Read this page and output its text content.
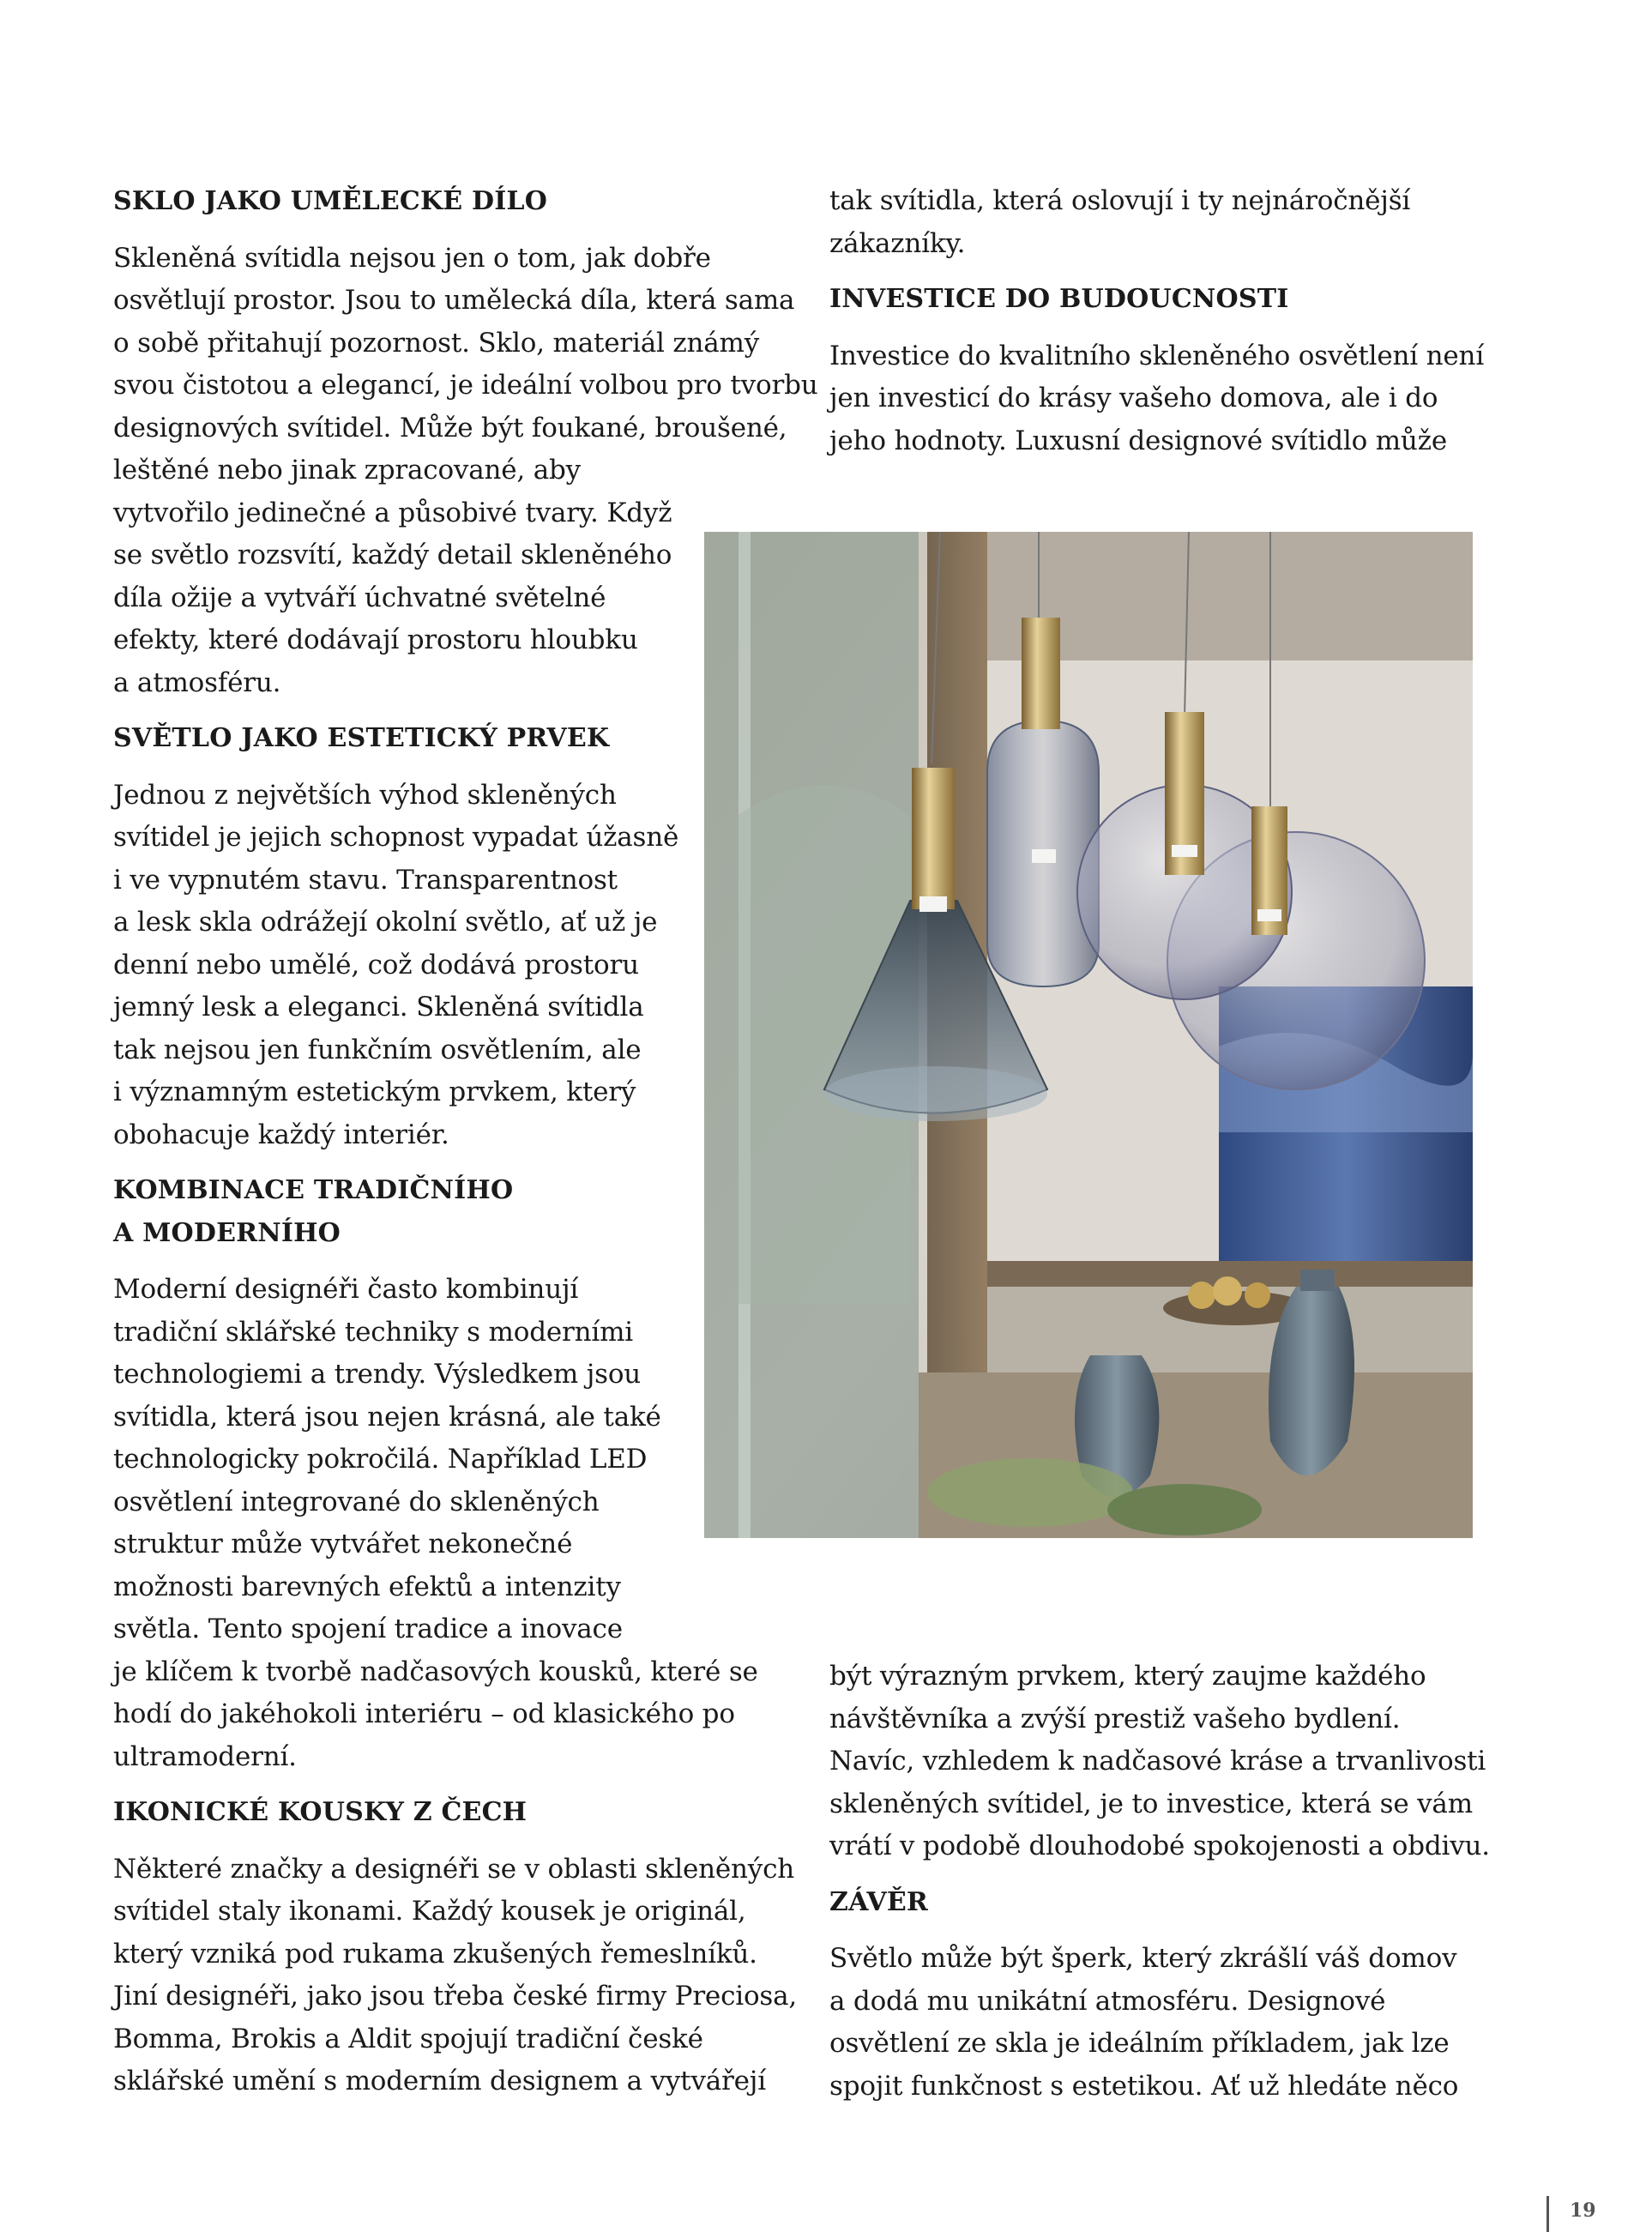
SKLO JAKO UMĚLECKÉ DÍLO
Skleněná svítidla nejsou jen o tom, jak dobře
osvětlují prostor. Jsou to umělecká díla, která sama
o sobě přitahují pozornost. Sklo, materiál známý
svou čistotou a elegancí, je ideální volbou pro tvorbu
designových svítidel. Může být foukané, broušené,
leštěné nebo jinak zpracované, aby
vytvořilo jedinečné a působivé tvary. Když
se světlo rozsvítí, každý detail skleněného
díla ožije a vytváří úchvatné světelné
efekty, které dodávají prostoru hloubku
a atmosféru.
SVĚTLO JAKO ESTETICKÝ PRVEK
Jednou z největších výhod skleněných
svítidel je jejich schopnost vypadat úžasně
i ve vypnutém stavu. Transparentnost
a lesk skla odrážejí okolní světlo, ať už je
denní nebo umělé, což dodává prostoru
jemný lesk a eleganci. Skleněná svítidla
tak nejsou jen funkčním osvětlením, ale
i významným estetickým prvkem, který
obohacuje každý interiér.
KOMBINACE TRADIČNÍHO
A MODERNÍHO
Moderní designéři často kombinují
tradiční sklářské techniky s moderními
technologiemi a trendy. Výsledkem jsou
svítidla, která jsou nejen krásná, ale také
technologicky pokročilá. Například LED
osvětlení integrované do skleněných
struktur může vytvářet nekonečné
možnosti barevných efektů a intenzity
světla. Tento spojení tradice a inovace
je klíčem k tvorbě nadčasových kousků, které se
hodí do jakéhokoli interiéru – od klasického po
ultramoderní.
IKONICKÉ KOUSKY Z ČECH
Některé značky a designéři se v oblasti skleněných
svítidel staly ikonami. Každý kousek je originál,
který vzniká pod rukama zkušených řemeslníků.
Jiní designéři, jako jsou třeba české firmy Preciosa,
Bomma, Brokis a Aldit spojují tradiční české
sklářské umění s moderním designem a vytvářejí
tak svítidla, která oslovují i ty nejnáročnější
zákazníky.
INVESTICE DO BUDOUCNOSTI
Investice do kvalitního skleněného osvětlení není
jen investicí do krásy vašeho domova, ale i do
jeho hodnoty. Luxusní designové svítidlo může
být výrazným prvkem, který zaujme každého
návštěvníka a zvýší prestiž vašeho bydlení.
Navíc, vzhledem k nadčasové kráse a trvanlivosti
skleněných svítidel, je to investice, která se vám
vrátí v podobě dlouhodobé spokojenosti a obdivu.
ZÁVĚR
Světlo může být šperk, který zkrášlí váš domov
a dodá mu unikátní atmosféru. Designové
osvětlení ze skla je ideálním příkladem, jak lze
spojit funkčnost s estetikou. Ať už hledáte něco
19
